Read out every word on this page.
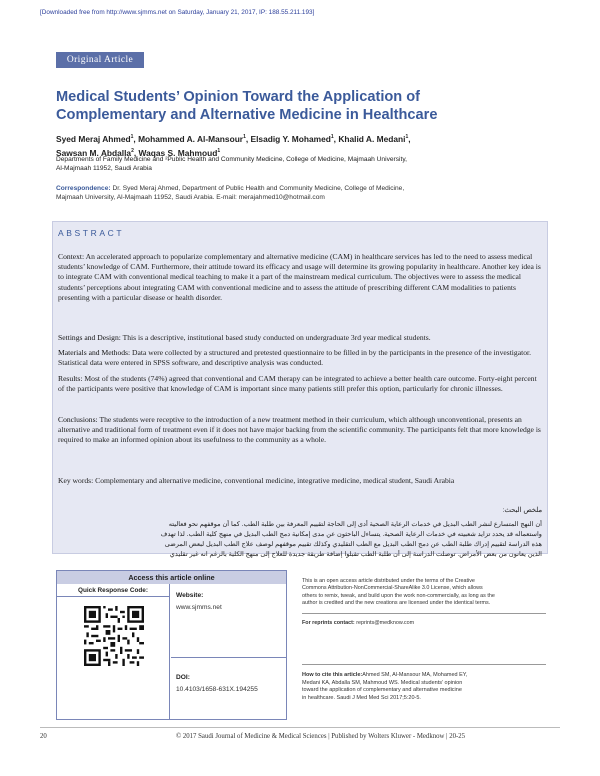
[Downloaded free from http://www.sjmms.net on Saturday, January 21, 2017, IP: 188.55.211.193]
Original Article
Medical Students’ Opinion Toward the Application of Complementary and Alternative Medicine in Healthcare
Syed Meraj Ahmed$^1$, Mohammed A. Al-Mansour$^1$, Elsadig Y. Mohamed$^1$, Khalid A. Medani$^1$,
Sawsan M. Abdalla$^2$, Waqas S. Mahmoud$^1$
Departments of Family Medicine and ²Public Health and Community Medicine, College of Medicine, Majmaah University,
Al-Majmaah 11952, Saudi Arabia
Correspondence: Dr. Syed Meraj Ahmed, Department of Public Health and Community Medicine, College of Medicine,
Majmaah University, Al-Majmaah 11952, Saudi Arabia. E-mail: merajahmed10@hotmail.com
ABSTRACT
Context: An accelerated approach to popularize complementary and alternative medicine (CAM) in healthcare services has led to the need to assess medical students’ knowledge of CAM. Furthermore, their attitude toward its efficacy and usage will determine its growing popularity in healthcare. Another key idea is to integrate CAM with conventional medical teaching to make it a part of the mainstream medical curriculum. The objectives were to assess the medical students’ perceptions about integrating CAM with conventional medicine and to assess the attitude of prescribing different CAM modalities to patients presenting with a particular disease or health disorder.
Settings and Design: This is a descriptive, institutional based study conducted on undergraduate 3rd year medical students.
Materials and Methods: Data were collected by a structured and pretested questionnaire to be filled in by the participants in the presence of the investigator. Statistical data were entered in SPSS software, and descriptive analysis was conducted.
Results: Most of the students (74%) agreed that conventional and CAM therapy can be integrated to achieve a better health care outcome. Forty-eight percent of the participants were positive that knowledge of CAM is important since many patients still prefer this option, particularly for chronic illnesses.
Conclusions: The students were receptive to the introduction of a new treatment method in their curriculum, which although unconventional, presents an alternative and traditional form of treatment even if it does not have major backing from the scientific community. The participants felt that more knowledge is required to make an informed opinion about its usefulness to the community as a whole.
Key words: Complementary and alternative medicine, conventional medicine, integrative medicine, medical student, Saudi Arabia
ملخص البحث:
أن النهج المتسارع لنشر الطب البديل في خدمات الرعاية الصحية أدى إلى الحاجة لتقييم المعرفة بين طلبة الطب. كما أن موقفهم نحو فعاليته
واستعماله قد يحدد تزايد شعبيته في خدمات الرعاية الصحية. يتساءل الباحثون عن مدى إمكانية دمج الطب البديل في منهج كلية الطب. لذا تهدف
هذه الدراسة لتقييم إدراك طلبة الطب عن دمج الطب البديل مع الطب التقليدي وكذلك تقييم موقفهم لوصف علاج الطب البديل لبعض المرضى
الذين يعانون من بعض الأمراض. توصلت الدراسة إلى أن طلبة الطب تقبلوا إضافة طريقة جديدة للعلاج إلى منهج الكلية بالرغم انه غير تقليدي
Access this article online
Quick Response Code:
Website:
www.sjmms.net
DOI:
10.4103/1658-631X.194255
This is an open access article distributed under the terms of the Creative
Commons Attribution-NonCommercial-ShareAlike 3.0 License, which allows
others to remix, tweak, and build upon the work non-commercially, as long as the
author is credited and the new creations are licensed under the identical terms.
For reprints contact: reprints@medknow.com
How to cite this article:Ahmed SM, Al-Mansour MA, Mohamed EY,
Medani KA, Abdalla SM, Mahmoud WS. Medical students’ opinion
toward the application of complementary and alternative medicine
in healthcare. Saudi J Med Med Sci 2017;5:20-5.
20	© 2017 Saudi Journal of Medicine & Medical Sciences | Published by Wolters Kluwer - Medknow | 20-25
